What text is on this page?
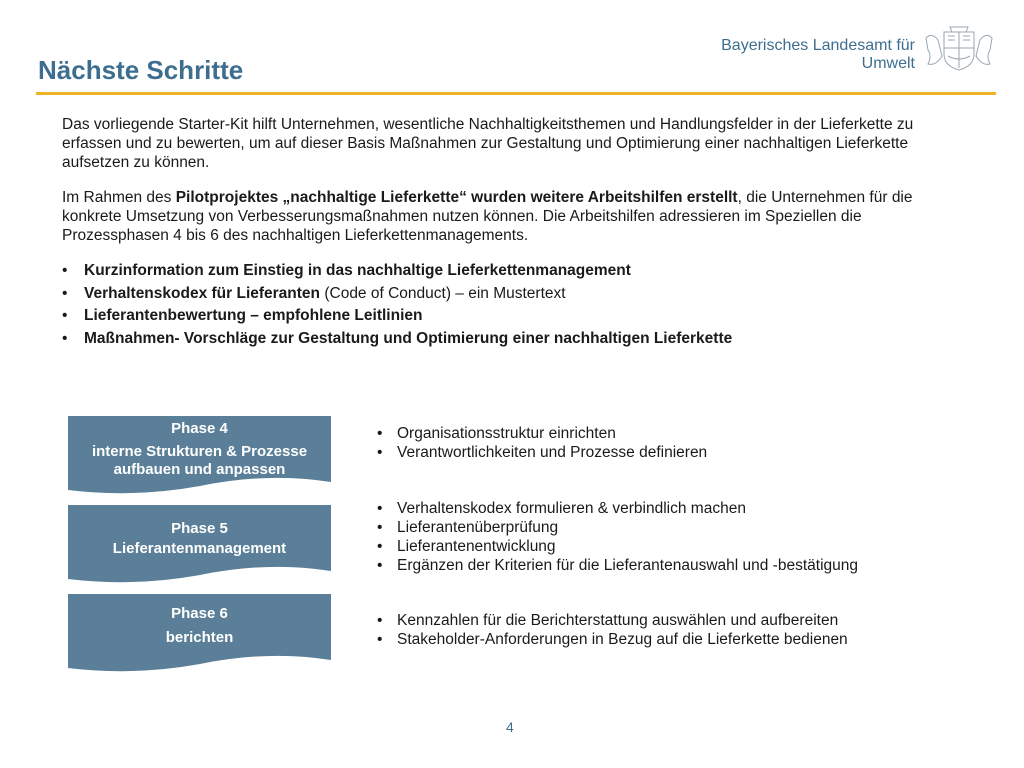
Nächste Schritte
Bayerisches Landesamt für
Umwelt

Das vorliegende Starter-Kit hilft Unternehmen, wesentliche Nachhaltigkeitsthemen und Handlungsfelder in der Lieferkette zu erfassen und zu bewerten, um auf dieser Basis Maßnahmen zur Gestaltung und Optimierung einer nachhaltigen Lieferkette aufsetzen zu können.

Im Rahmen des Pilotprojektes „nachhaltige Lieferkette“ wurden weitere Arbeitshilfen erstellt, die Unternehmen für die konkrete Umsetzung von Verbesserungsmaßnahmen nutzen können. Die Arbeitshilfen adressieren im Speziellen die Prozessphasen 4 bis 6 des nachhaltigen Lieferkettenmanagements.

• Kurzinformation zum Einstieg in das nachhaltige Lieferkettenmanagement
• Verhaltenskodex für Lieferanten (Code of Conduct) – ein Mustertext
• Lieferantenbewertung – empfohlene Leitlinien
• Maßnahmen- Vorschläge zur Gestaltung und Optimierung einer nachhaltigen Lieferkette
Phase 4
interne Strukturen & Prozesse aufbauen und anpassen
• Organisationsstruktur einrichten
• Verantwortlichkeiten und Prozesse definieren
Phase 5
Lieferantenmanagement
• Verhaltenskodex formulieren & verbindlich machen
• Lieferantenüberprüfung
• Lieferantenentwicklung
• Ergänzen der Kriterien für die Lieferantenauswahl und -bestätigung
Phase 6
berichten
• Kennzahlen für die Berichterstattung auswählen und aufbereiten
• Stakeholder-Anforderungen in Bezug auf die Lieferkette bedienen
4
